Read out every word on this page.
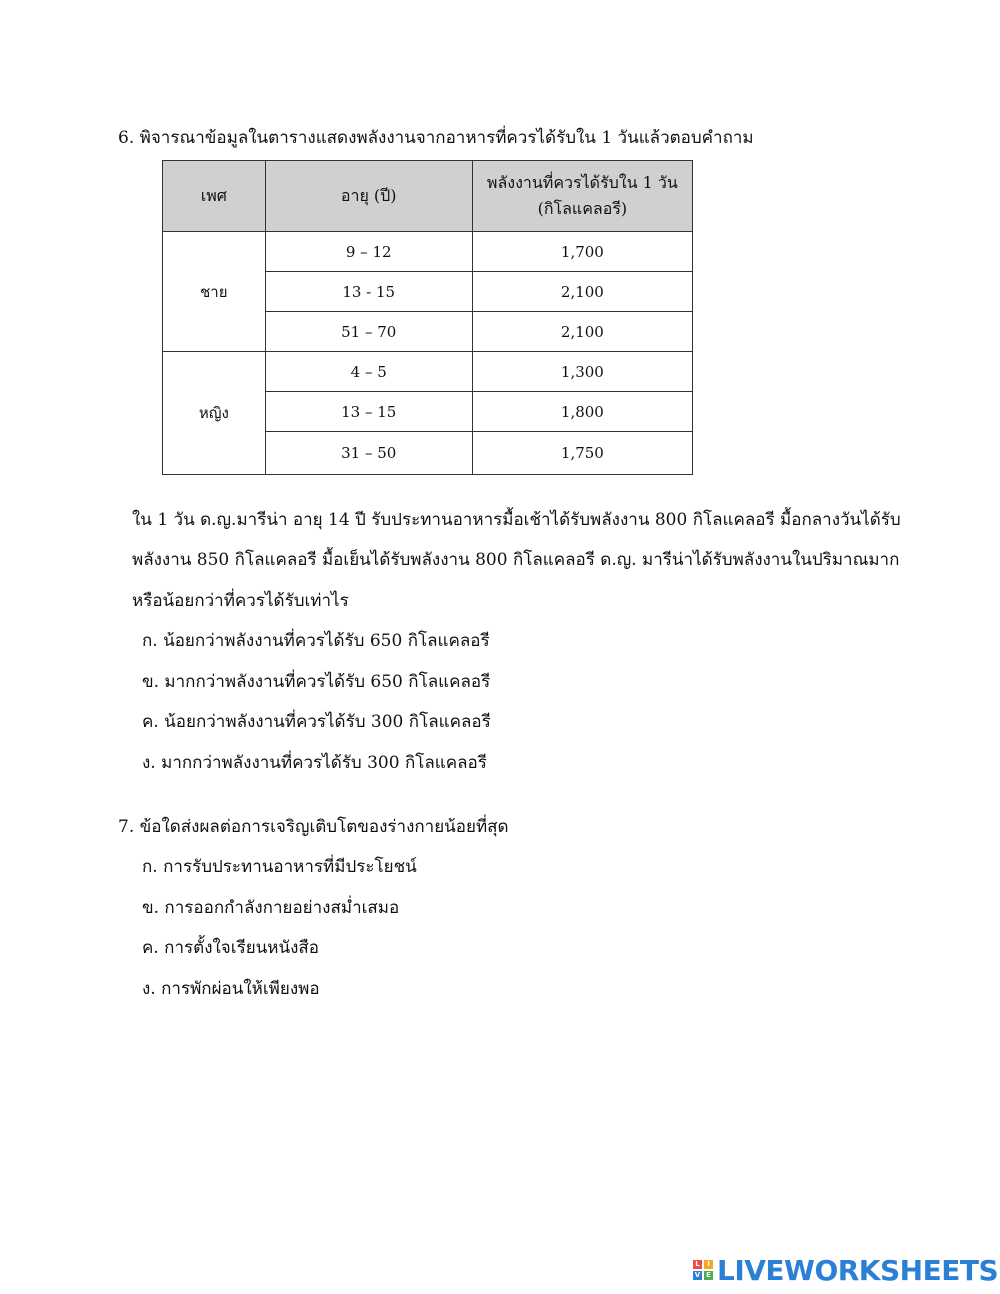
6. พิจารณาข้อมูลในตารางแสดงพลังงานจากอาหารที่ควรได้รับใน 1 วันแล้วตอบคำถาม
เพศ	อายุ (ปี)	พลังงานที่ควรได้รับใน 1 วัน
(กิโลแคลอรี)

ชาย	9 – 12	1,700
	13 - 15	2,100
	51 – 70	2,100
หญิง	4 – 5	1,300
	13 – 15	1,800
	31 – 50	1,750
ใน 1 วัน ด.ญ.มารีน่า อายุ 14 ปี รับประทานอาหารมื้อเช้าได้รับพลังงาน 800 กิโลแคลอรี มื้อกลางวันได้รับ
พลังงาน 850 กิโลแคลอรี มื้อเย็นได้รับพลังงาน 800 กิโลแคลอรี ด.ญ. มารีน่าได้รับพลังงานในปริมาณมาก
หรือน้อยกว่าที่ควรได้รับเท่าไร
ก. น้อยกว่าพลังงานที่ควรได้รับ 650 กิโลแคลอรี
ข. มากกว่าพลังงานที่ควรได้รับ 650 กิโลแคลอรี
ค. น้อยกว่าพลังงานที่ควรได้รับ 300 กิโลแคลอรี
ง. มากกว่าพลังงานที่ควรได้รับ 300 กิโลแคลอรี
7. ข้อใดส่งผลต่อการเจริญเติบโตของร่างกายน้อยที่สุด
ก. การรับประทานอาหารที่มีประโยชน์
ข. การออกกำลังกายอย่างสม่ำเสมอ
ค. การตั้งใจเรียนหนังสือ
ง. การพักผ่อนให้เพียงพอ
L	I
V E LIVEWORKSHEETS
